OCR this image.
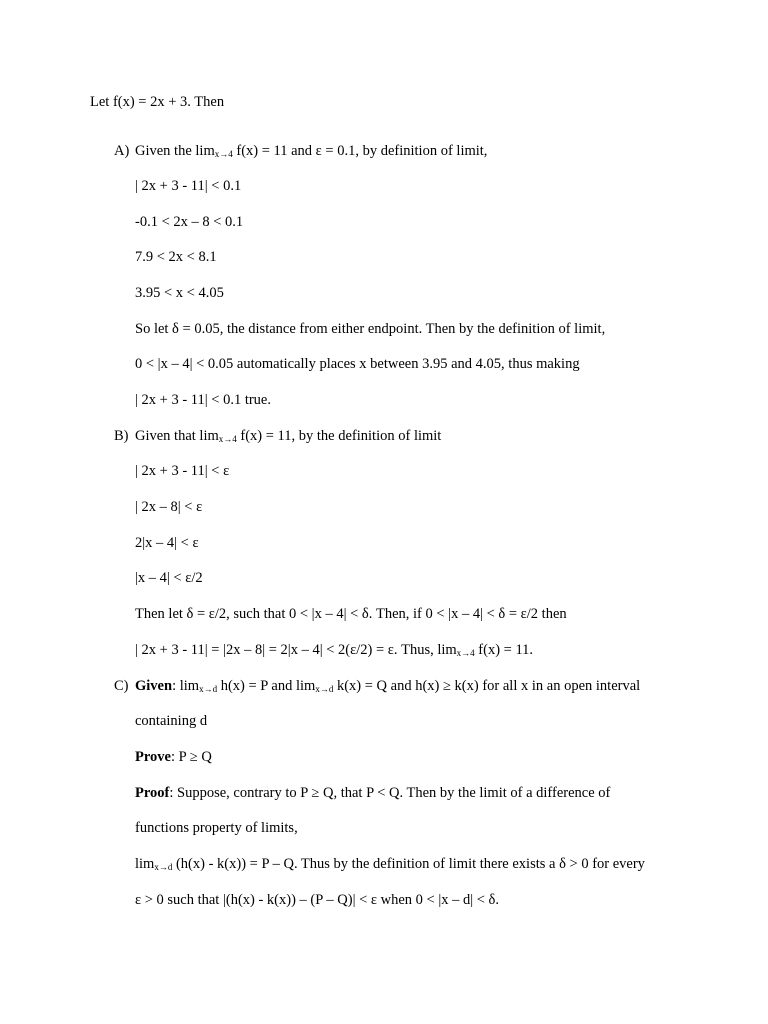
Let f(x) = 2x + 3. Then
A) Given the $\lim_{x\to 4} f(x) = 11$ and ε = 0.1, by definition of limit,
| 2x + 3 - 11| < 0.1
-0.1 < 2x – 8 < 0.1
7.9 < 2x < 8.1
3.95 < x < 4.05
So let δ = 0.05, the distance from either endpoint. Then by the definition of limit,
0 < |x – 4| < 0.05 automatically places x between 3.95 and 4.05, thus making
| 2x + 3 - 11| < 0.1 true.
B) Given that $\lim_{x\to 4} f(x) = 11$, by the definition of limit
| 2x + 3 - 11| < ε
| 2x – 8| < ε
2|x – 4| < ε
|x – 4| < ε/2
Then let δ = ε/2, such that 0 < |x – 4| < δ. Then, if 0 < |x – 4| < δ = ε/2 then
| 2x + 3 - 11| = |2x – 8| = 2|x – 4| < 2(ε/2) = ε. Thus, $\lim_{x\to 4} f(x) = 11$.
C) Given: $\lim_{x\to d} h(x) = P$ and $\lim_{x\to d} k(x) = Q$ and h(x) ≥ k(x) for all x in an open interval
containing d
Prove: P ≥ Q
Proof: Suppose, contrary to P ≥ Q, that P < Q. Then by the limit of a difference of
functions property of limits,
$\lim_{x\to d} (h(x) - k(x)) = P - Q$. Thus by the definition of limit there exists a δ > 0 for every
ε > 0 such that |(h(x) - k(x)) – (P – Q)| < ε when 0 < |x – d| < δ.
